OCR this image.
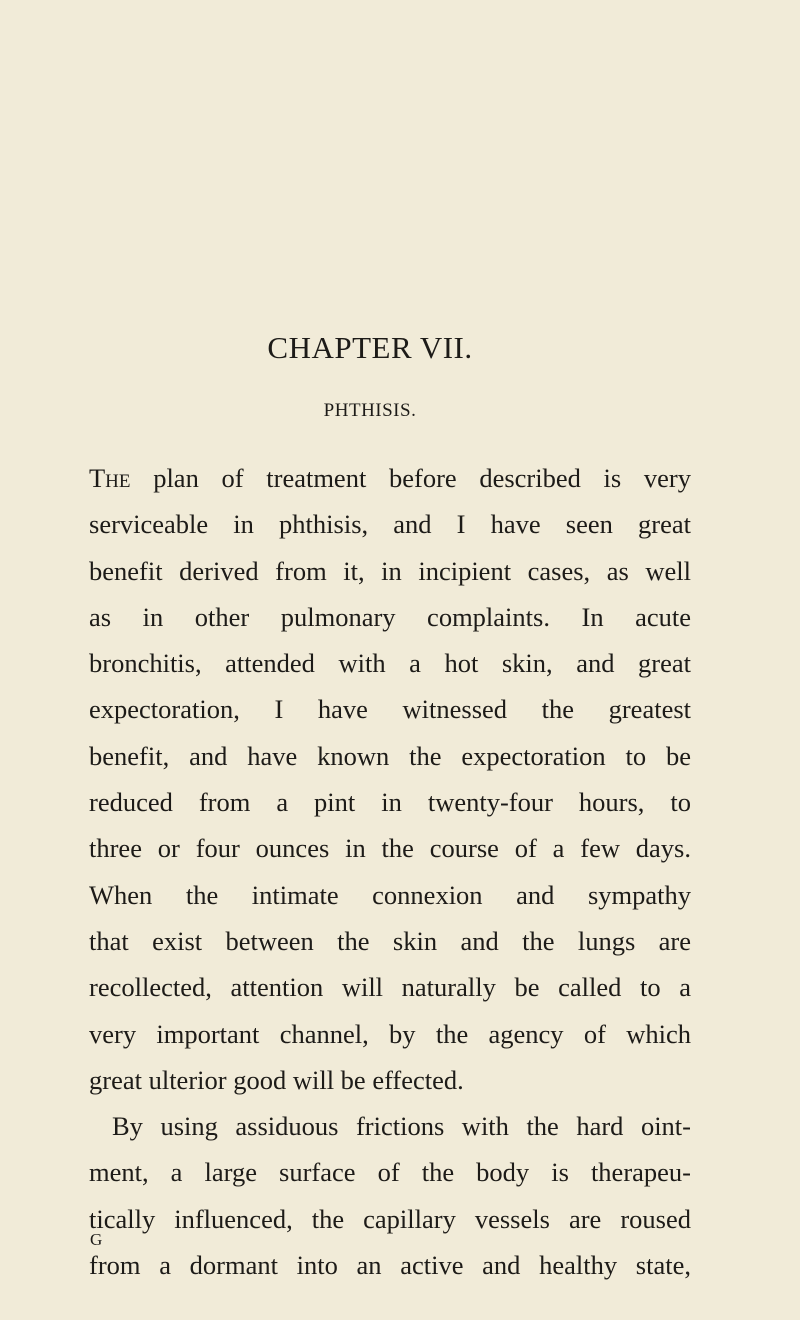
CHAPTER VII.
PHTHISIS.
The plan of treatment before described is very
serviceable in phthisis, and I have seen great
benefit derived from it, in incipient cases, as well
as in other pulmonary complaints. In acute
bronchitis, attended with a hot skin, and great
expectoration, I have witnessed the greatest
benefit, and have known the expectoration to be
reduced from a pint in twenty-four hours, to
three or four ounces in the course of a few days.
When the intimate connexion and sympathy
that exist between the skin and the lungs are
recollected, attention will naturally be called to a
very important channel, by the agency of which
great ulterior good will be effected.
By using assiduous frictions with the hard oint-
ment, a large surface of the body is therapeu-
tically influenced, the capillary vessels are roused
from a dormant into an active and healthy state,
G
